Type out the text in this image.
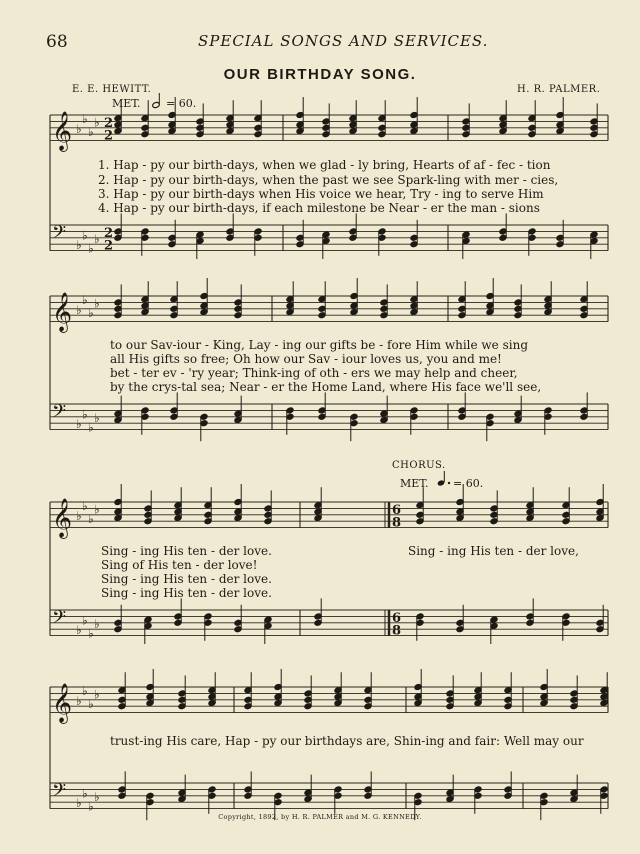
68	SPECIAL SONGS AND SERVICES.
OUR BIRTHDAY SONG.
E. E. HEWITT.	H. R. PALMER.
MET. = 60.
𝄞 ♭
♭
♭
♭
𝄢 ♭
♭
♭
♭
𝄞 ♭
♭
♭
♭
𝄢 ♭
♭
♭
♭
𝄞 ♭
♭
♭
♭
𝄢 ♭
♭
♭
♭
𝄞 ♭
♭
♭
♭
𝄢 ♭
♭
♭
♭
2
2
2
2
6
8
6
8
1. Hap - py our birth-days, when we glad - ly bring, Hearts of af - fec - tion
2. Hap - py our birth-days, when the past we see Spark-ling with mer - cies,
3. Hap - py our birth-days when His voice we hear, Try - ing to serve Him
4. Hap - py our birth-days, if each milestone be Near - er the man - sions
to our Sav-iour - King, Lay - ing our gifts be - fore Him while we sing
all His gifts so free; Oh how our Sav - iour loves us, you and me!
bet - ter ev - 'ry year; Think-ing of oth - ers we may help and cheer,
by the crys-tal sea; Near - er the Home Land, where His face we'll see,
CHORUS.
MET. = 60.
Sing - ing His ten - der love.
Sing of His ten - der love!
Sing - ing His ten - der love.
Sing - ing His ten - der love.
Sing - ing His ten - der love,
trust-ing His care, Hap - py our birthdays are, Shin-ing and fair: Well may our
Copyright, 1892, by H. R. PALMER and M. G. KENNEDY.
